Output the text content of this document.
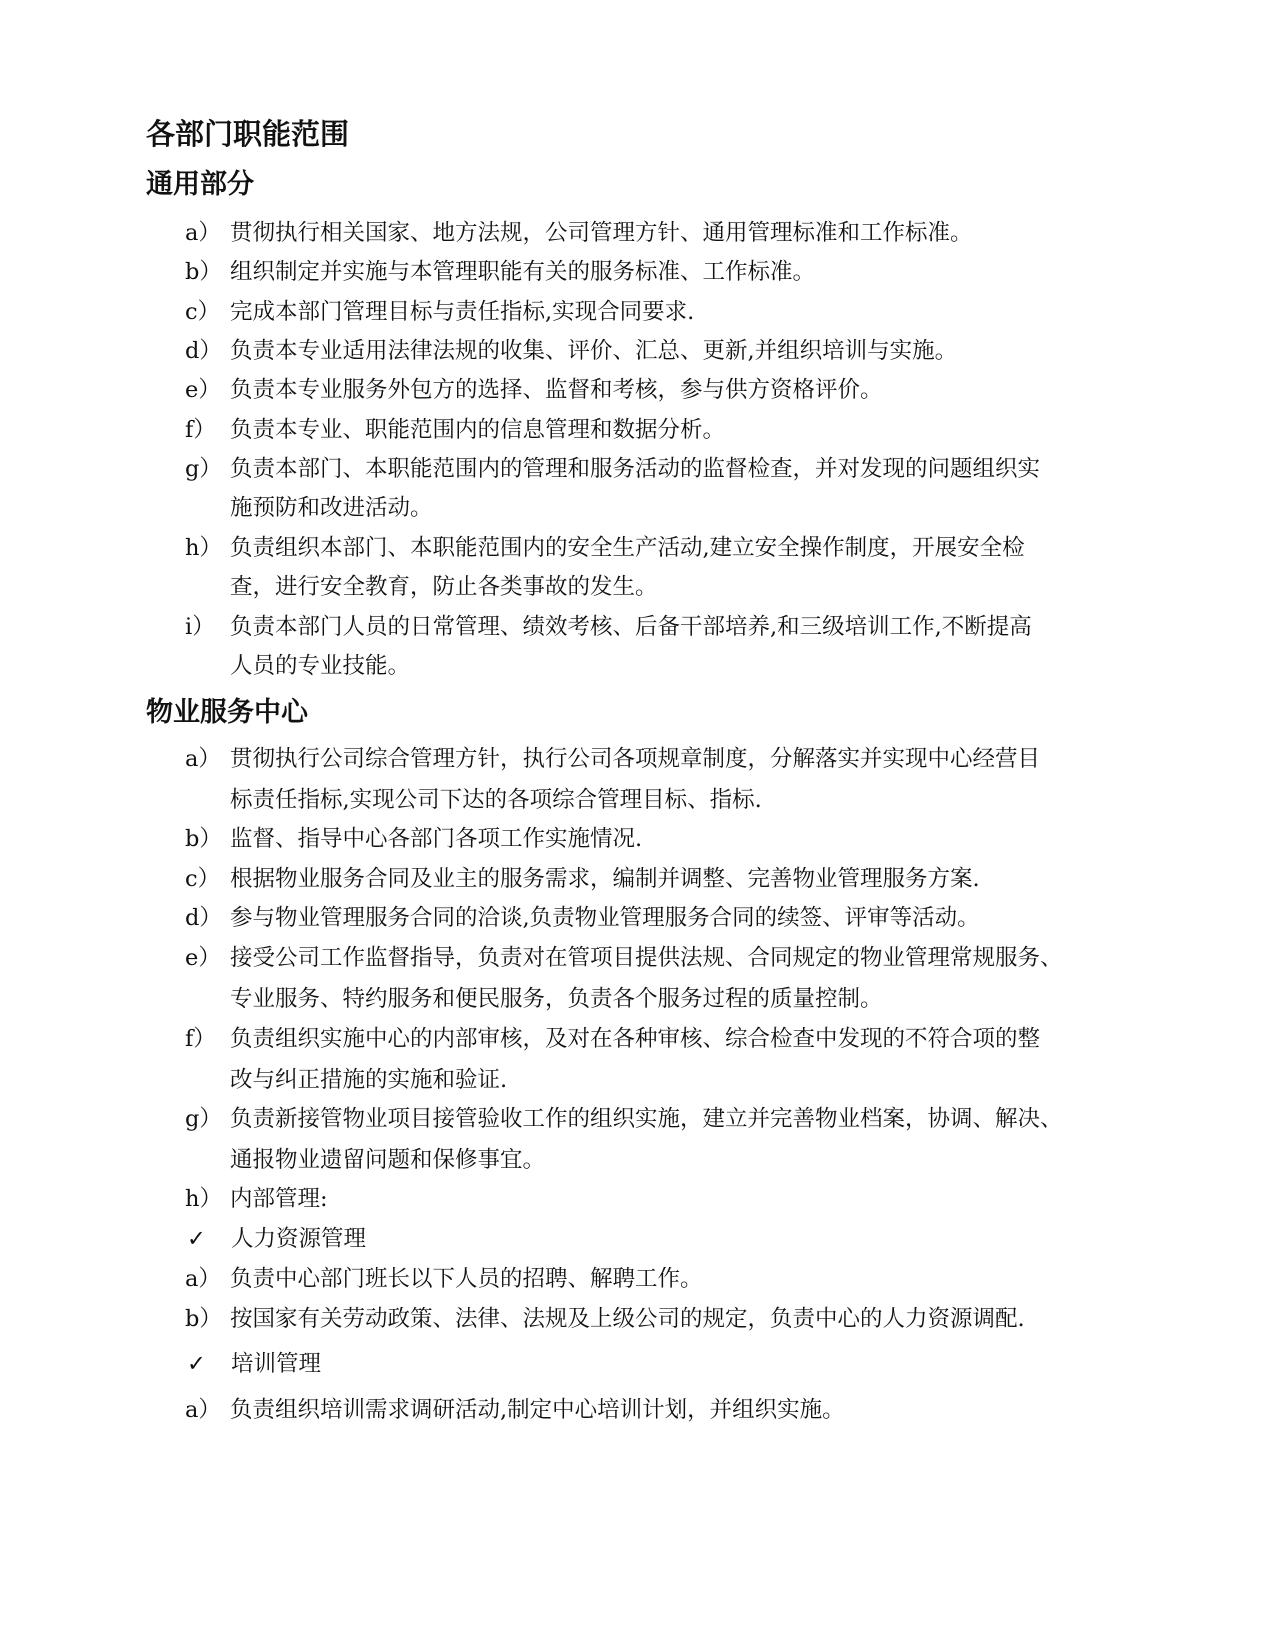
各部门职能范围
通用部分
a） 贯彻执行相关国家、地方法规，公司管理方针、通用管理标准和工作标准。
b） 组织制定并实施与本管理职能有关的服务标准、工作标准。
c） 完成本部门管理目标与责任指标,实现合同要求.
d） 负责本专业适用法律法规的收集、评价、汇总、更新,并组织培训与实施。
e） 负责本专业服务外包方的选择、监督和考核，参与供方资格评价。
f） 负责本专业、职能范围内的信息管理和数据分析。
g） 负责本部门、本职能范围内的管理和服务活动的监督检查，并对发现的问题组织实
施预防和改进活动。
h） 负责组织本部门、本职能范围内的安全生产活动,建立安全操作制度，开展安全检
查，进行安全教育，防止各类事故的发生。
i） 负责本部门人员的日常管理、绩效考核、后备干部培养,和三级培训工作,不断提高
人员的专业技能。
物业服务中心
a） 贯彻执行公司综合管理方针，执行公司各项规章制度，分解落实并实现中心经营目
标责任指标,实现公司下达的各项综合管理目标、指标.
b） 监督、指导中心各部门各项工作实施情况.
c） 根据物业服务合同及业主的服务需求，编制并调整、完善物业管理服务方案.
d） 参与物业管理服务合同的洽谈,负责物业管理服务合同的续签、评审等活动。
e） 接受公司工作监督指导，负责对在管项目提供法规、合同规定的物业管理常规服务、
专业服务、特约服务和便民服务，负责各个服务过程的质量控制。
f） 负责组织实施中心的内部审核，及对在各种审核、综合检查中发现的不符合项的整
改与纠正措施的实施和验证.
g） 负责新接管物业项目接管验收工作的组织实施，建立并完善物业档案，协调、解决、
通报物业遗留问题和保修事宜。
h） 内部管理:
✓ 人力资源管理
a） 负责中心部门班长以下人员的招聘、解聘工作。
b） 按国家有关劳动政策、法律、法规及上级公司的规定，负责中心的人力资源调配.
✓ 培训管理
a） 负责组织培训需求调研活动,制定中心培训计划，并组织实施。
